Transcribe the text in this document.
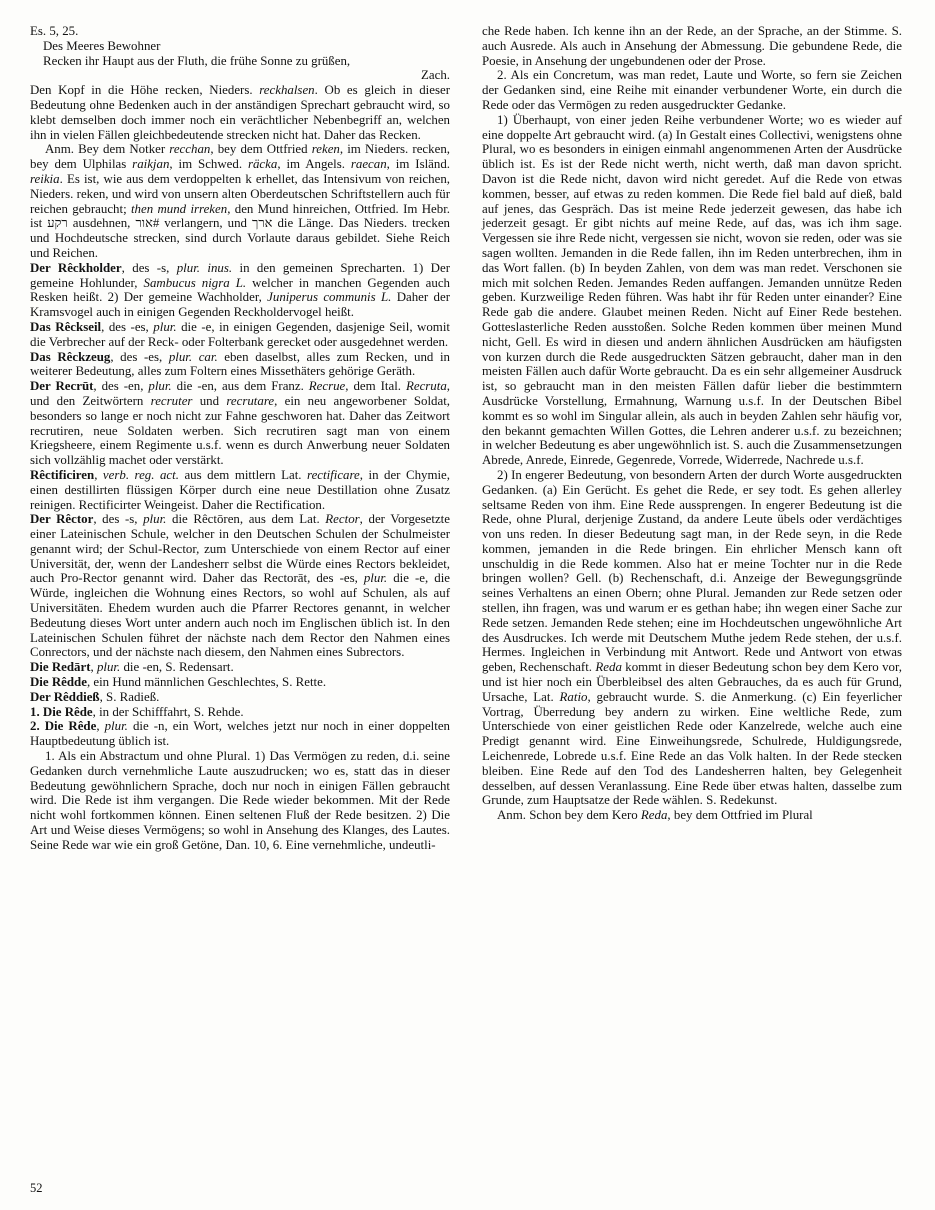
Es. 5, 25.

Des Meeres Bewohner

Recken ihr Haupt aus der Fluth, die frühe Sonne zu grüßen,

Zach.

Den Kopf in die Höhe recken, Nieders. reckhalsen. Ob es gleich in dieser Bedeutung ohne Bedenken auch in der anständigen Sprechart gebraucht wird, so klebt demselben doch immer noch ein verächtlicher Nebenbegriff an, welchen ihn in vielen Fällen gleichbedeutende strecken nicht hat. Daher das Recken.

Anm. Bey dem Notker recchan, bey dem Ottfried reken, im Nieders. recken, bey dem Ulphilas raikjan, im Schwed. räcka, im Angels. raecan, im Isländ. reikia. Es ist, wie aus dem verdoppelten k erhellet, das Intensivum von reichen, Nieders. reken, und wird von unsern alten Oberdeutschen Schriftstellern auch für reichen gebraucht; then mund irreken, den Mund hinreichen, Ottfried. Im Hebr. ist רקע ausdehnen, אור# verlangern, und ארך die Länge. Das Nieders. trecken und Hochdeutsche strecken, sind durch Vorlaute daraus gebildet. Siehe Reich und Reichen.

Der Rêckholder, des -s, plur. inus. in den gemeinen Sprecharten. 1) Der gemeine Hohlunder, Sambucus nigra L. welcher in manchen Gegenden auch Resken heißt. 2) Der gemeine Wachholder, Juniperus communis L. Daher der Kramsvogel auch in einigen Gegenden Reckholdervogel heißt.

Das Rêckseil, des -es, plur. die -e, in einigen Gegenden, dasjenige Seil, womit die Verbrecher auf der Reck- oder Folterbank gerecket oder ausgedehnet werden.

Das Rêckzeug, des -es, plur. car. eben daselbst, alles zum Recken, und in weiterer Bedeutung, alles zum Foltern eines Missethäters gehörige Geräth.

Der Recrūt, des -en, plur. die -en, aus dem Franz. Recrue, dem Ital. Recruta, und den Zeitwörtern recruter und recrutare, ein neu angeworbener Soldat, besonders so lange er noch nicht zur Fahne geschworen hat. Daher das Zeitwort recrutiren, neue Soldaten werben. Sich recrutiren sagt man von einem Kriegsheere, einem Regimente u.s.f. wenn es durch Anwerbung neuer Soldaten sich vollzählig machet oder verstärkt.

Rêctificiren, verb. reg. act. aus dem mittlern Lat. rectificare, in der Chymie, einen destillirten flüssigen Körper durch eine neue Destillation ohne Zusatz reinigen. Rectificirter Weingeist. Daher die Rectification.

Der Rêctor, des -s, plur. die Rêctōren, aus dem Lat. Rector, der Vorgesetzte einer Lateinischen Schule, welcher in den Deutschen Schulen der Schulmeister genannt wird; der Schul-Rector, zum Unterschiede von einem Rector auf einer Universität, der, wenn der Landesherr selbst die Würde eines Rectors bekleidet, auch Pro-Rector genannt wird. Daher das Rectorāt, des -es, plur. die -e, die Würde, ingleichen die Wohnung eines Rectors, so wohl auf Schulen, als auf Universitäten. Ehedem wurden auch die Pfarrer Rectores genannt, in welcher Bedeutung dieses Wort unter andern auch noch im Englischen üblich ist. In den Lateinischen Schulen führet der nächste nach dem Rector den Nahmen eines Conrectors, und der nächste nach diesem, den Nahmen eines Subrectors.

Die Redārt, plur. die -en, S. Redensart.

Die Rêdde, ein Hund männlichen Geschlechtes, S. Rette.

Der Rêddieß, S. Radieß.

1. Die Rêde, in der Schifffahrt, S. Rehde.

2. Die Rêde, plur. die -n, ein Wort, welches jetzt nur noch in einer doppelten Hauptbedeutung üblich ist.

1. Als ein Abstractum und ohne Plural. 1) Das Vermögen zu reden, d.i. seine Gedanken durch vernehmliche Laute auszudrucken; wo es, statt das in dieser Bedeutung gewöhnlichern Sprache, doch nur noch in einigen Fällen gebraucht wird. Die Rede ist ihm vergangen. Die Rede wieder bekommen. Mit der Rede nicht wohl fortkommen können. Einen seltenen Fluß der Rede besitzen. 2) Die Art und Weise dieses Vermögens; so wohl in Ansehung des Klanges, des Lautes. Seine Rede war wie ein groß Getöne, Dan. 10, 6. Eine vernehmliche, undeutli-

che Rede haben. Ich kenne ihn an der Rede, an der Sprache, an der Stimme. S. auch Ausrede. Als auch in Ansehung der Abmessung. Die gebundene Rede, die Poesie, in Ansehung der ungebundenen oder der Prose.

2. Als ein Concretum, was man redet, Laute und Worte, so fern sie Zeichen der Gedanken sind, eine Reihe mit einander verbundener Worte, ein durch die Rede oder das Vermögen zu reden ausgedruckter Gedanke.

1) Überhaupt, von einer jeden Reihe verbundener Worte; wo es wieder auf eine doppelte Art gebraucht wird. (a) In Gestalt eines Collectivi, wenigstens ohne Plural, wo es besonders in einigen einmahl angenommenen Arten der Ausdrücke üblich ist. Es ist der Rede nicht werth, nicht werth, daß man davon spricht. Davon ist die Rede nicht, davon wird nicht geredet. Auf die Rede von etwas kommen, besser, auf etwas zu reden kommen. Die Rede fiel bald auf dieß, bald auf jenes, das Gespräch. Das ist meine Rede jederzeit gewesen, das habe ich jederzeit gesagt. Er gibt nichts auf meine Rede, auf das, was ich ihm sage. Vergessen sie ihre Rede nicht, vergessen sie nicht, wovon sie reden, oder was sie sagen wollten. Jemanden in die Rede fallen, ihn im Reden unterbrechen, ihm in das Wort fallen. (b) In beyden Zahlen, von dem was man redet. Verschonen sie mich mit solchen Reden. Jemandes Reden auffangen. Jemanden unnütze Reden geben. Kurzweilige Reden führen. Was habt ihr für Reden unter einander? Eine Rede gab die andere. Glaubet meinen Reden. Nicht auf Einer Rede bestehen. Gotteslasterliche Reden ausstoßen. Solche Reden kommen über meinen Mund nicht, Gell. Es wird in diesen und andern ähnlichen Ausdrücken am häufigsten von kurzen durch die Rede ausgedruckten Sätzen gebraucht, daher man in den meisten Fällen auch dafür Worte gebraucht. Da es ein sehr allgemeiner Ausdruck ist, so gebraucht man in den meisten Fällen dafür lieber die bestimmtern Ausdrücke Vorstellung, Ermahnung, Warnung u.s.f. In der Deutschen Bibel kommt es so wohl im Singular allein, als auch in beyden Zahlen sehr häufig vor, den bekannt gemachten Willen Gottes, die Lehren anderer u.s.f. zu bezeichnen; in welcher Bedeutung es aber ungewöhnlich ist. S. auch die Zusammensetzungen Abrede, Anrede, Einrede, Gegenrede, Vorrede, Widerrede, Nachrede u.s.f.

2) In engerer Bedeutung, von besondern Arten der durch Worte ausgedruckten Gedanken. (a) Ein Gerücht. Es gehet die Rede, er sey todt. Es gehen allerley seltsame Reden von ihm. Eine Rede aussprengen. In engerer Bedeutung ist die Rede, ohne Plural, derjenige Zustand, da andere Leute übels oder verdächtiges von uns reden. In dieser Bedeutung sagt man, in der Rede seyn, in die Rede kommen, jemanden in die Rede bringen. Ein ehrlicher Mensch kann oft unschuldig in die Rede kommen. Also hat er meine Tochter nur in die Rede bringen wollen? Gell. (b) Rechenschaft, d.i. Anzeige der Bewegungsgründe seines Verhaltens an einen Obern; ohne Plural. Jemanden zur Rede setzen oder stellen, ihn fragen, was und warum er es gethan habe; ihn wegen einer Sache zur Rede setzen. Jemanden Rede stehen; eine im Hochdeutschen ungewöhnliche Art des Ausdruckes. Ich werde mit Deutschem Muthe jedem Rede stehen, der u.s.f. Hermes. Ingleichen in Verbindung mit Antwort. Rede und Antwort von etwas geben, Rechenschaft. Reda kommt in dieser Bedeutung schon bey dem Kero vor, und ist hier noch ein Überbleibsel des alten Gebrauches, da es auch für Grund, Ursache, Lat. Ratio, gebraucht wurde. S. die Anmerkung. (c) Ein feyerlicher Vortrag, Überredung bey andern zu wirken. Eine weltliche Rede, zum Unterschiede von einer geistlichen Rede oder Kanzelrede, welche auch eine Predigt genannt wird. Eine Einweihungsrede, Schulrede, Huldigungsrede, Leichenrede, Lobrede u.s.f. Eine Rede an das Volk halten. In der Rede stecken bleiben. Eine Rede auf den Tod des Landesherren halten, bey Gelegenheit desselben, auf dessen Veranlassung. Eine Rede über etwas halten, dasselbe zum Grunde, zum Hauptsatze der Rede wählen. S. Redekunst.

Anm. Schon bey dem Kero Reda, bey dem Ottfried im Plural

52
